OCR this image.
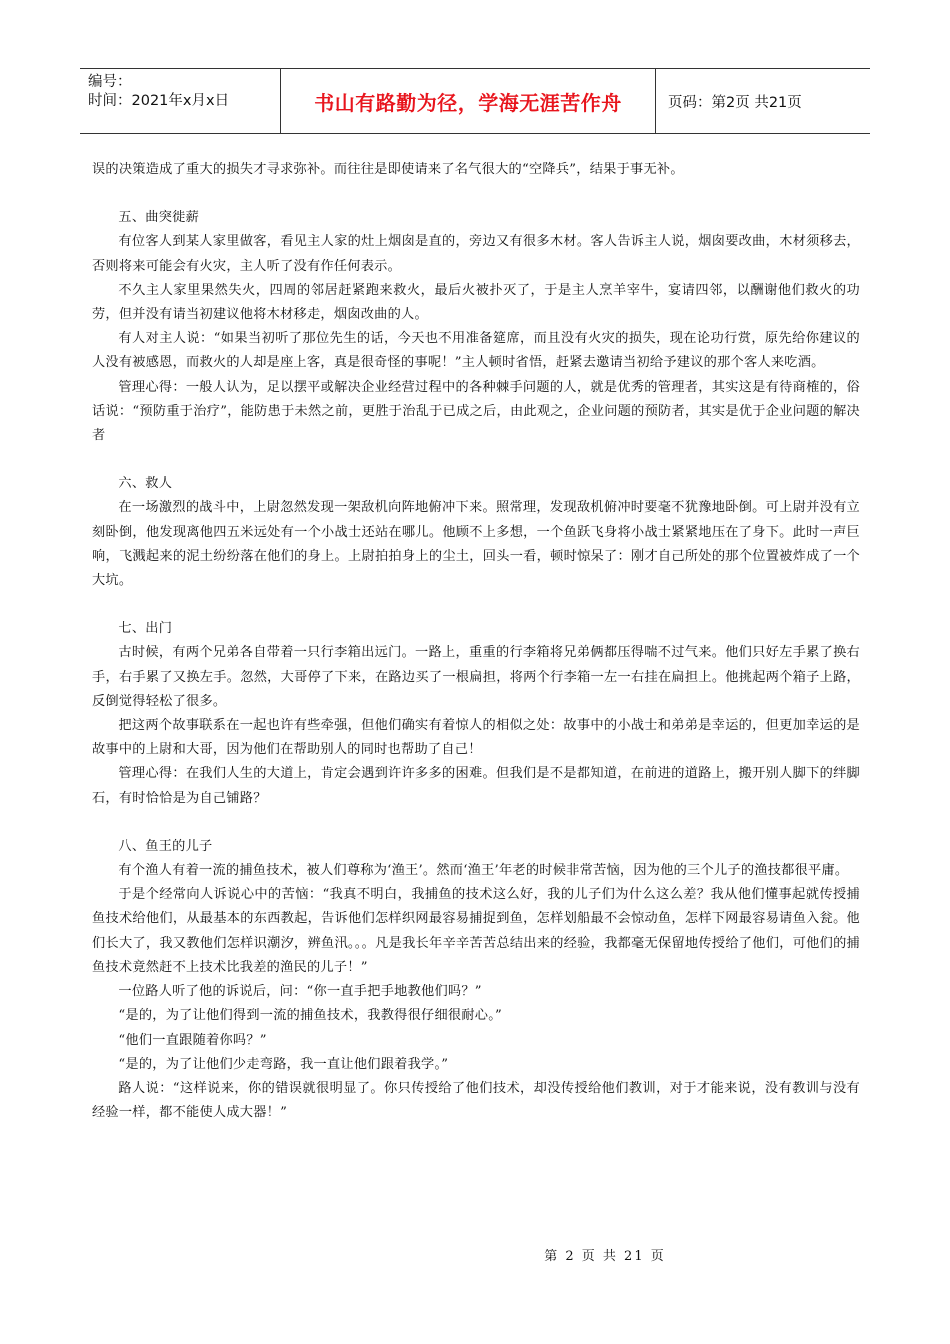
编号：
时间：2021年x月x日	书山有路勤为径，学海无涯苦作舟	页码：第2页 共21页

误的决策造成了重大的损失才寻求弥补。而往往是即使请来了名气很大的“空降兵”，结果于事无补。

五、曲突徙薪

有位客人到某人家里做客，看见主人家的灶上烟囱是直的，旁边又有很多木材。客人告诉主人说，烟囱要改曲，木材须移去，否则将来可能会有火灾，主人听了没有作任何表示。

不久主人家里果然失火，四周的邻居赶紧跑来救火，最后火被扑灭了，于是主人烹羊宰牛，宴请四邻，以酬谢他们救火的功劳，但并没有请当初建议他将木材移走，烟囱改曲的人。

有人对主人说：“如果当初听了那位先生的话，今天也不用准备筵席，而且没有火灾的损失，现在论功行赏，原先给你建议的人没有被感恩，而救火的人却是座上客，真是很奇怪的事呢！”主人顿时省悟，赶紧去邀请当初给予建议的那个客人来吃酒。

管理心得：一般人认为，足以摆平或解决企业经营过程中的各种棘手问题的人，就是优秀的管理者，其实这是有待商榷的，俗话说：“预防重于治疗”，能防患于未然之前，更胜于治乱于已成之后，由此观之，企业问题的预防者，其实是优于企业问题的解决者

六、救人

在一场激烈的战斗中，上尉忽然发现一架敌机向阵地俯冲下来。照常理，发现敌机俯冲时要毫不犹豫地卧倒。可上尉并没有立刻卧倒，他发现离他四五米远处有一个小战士还站在哪儿。他顾不上多想，一个鱼跃飞身将小战士紧紧地压在了身下。此时一声巨响，飞溅起来的泥土纷纷落在他们的身上。上尉拍拍身上的尘土，回头一看，顿时惊呆了：刚才自己所处的那个位置被炸成了一个大坑。

七、出门

古时候，有两个兄弟各自带着一只行李箱出远门。一路上，重重的行李箱将兄弟俩都压得喘不过气来。他们只好左手累了换右手，右手累了又换左手。忽然，大哥停了下来，在路边买了一根扁担，将两个行李箱一左一右挂在扁担上。他挑起两个箱子上路，反倒觉得轻松了很多。

把这两个故事联系在一起也许有些牵强，但他们确实有着惊人的相似之处：故事中的小战士和弟弟是幸运的，但更加幸运的是故事中的上尉和大哥，因为他们在帮助别人的同时也帮助了自己！

管理心得：在我们人生的大道上，肯定会遇到许许多多的困难。但我们是不是都知道，在前进的道路上，搬开别人脚下的绊脚石，有时恰恰是为自己铺路？

八、鱼王的儿子

有个渔人有着一流的捕鱼技术，被人们尊称为‘渔王’。然而‘渔王’年老的时候非常苦恼，因为他的三个儿子的渔技都很平庸。

于是个经常向人诉说心中的苦恼：“我真不明白，我捕鱼的技术这么好，我的儿子们为什么这么差？我从他们懂事起就传授捕鱼技术给他们，从最基本的东西教起，告诉他们怎样织网最容易捕捉到鱼，怎样划船最不会惊动鱼，怎样下网最容易请鱼入瓮。他们长大了，我又教他们怎样识潮汐，辨鱼汛。。。凡是我长年辛辛苦苦总结出来的经验，我都毫无保留地传授给了他们，可他们的捕鱼技术竟然赶不上技术比我差的渔民的儿子！”

一位路人听了他的诉说后，问：“你一直手把手地教他们吗？”

“是的，为了让他们得到一流的捕鱼技术，我教得很仔细很耐心。”

“他们一直跟随着你吗？”

“是的，为了让他们少走弯路，我一直让他们跟着我学。”

路人说：“这样说来，你的错误就很明显了。你只传授给了他们技术，却没传授给他们教训，对于才能来说，没有教训与没有经验一样，都不能使人成大器！”

第 2 页 共 21 页
